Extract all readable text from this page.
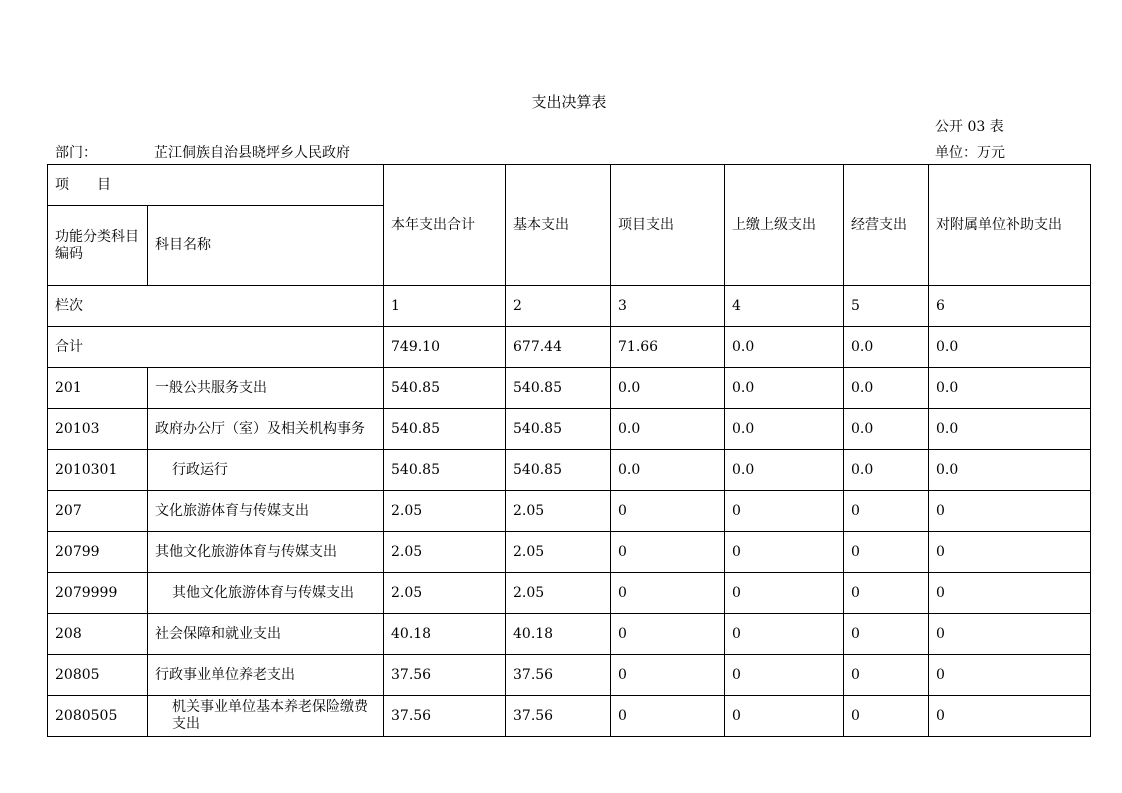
支出决算表
公开 03 表
部门：	芷江侗族自治县晓坪乡人民政府	单位：万元
项　　目		本年支出合计	基本支出	项目支出	上缴上级支出	经营支出	对附属单位补助支出
功能分类科目编码	科目名称						
栏次		1	2	3	4	5	6
合计		749.10	677.44	71.66	0.0	0.0	0.0
201	一般公共服务支出	540.85	540.85	0.0	0.0	0.0	0.0
20103	政府办公厅（室）及相关机构事务	540.85	540.85	0.0	0.0	0.0	0.0
2010301	行政运行	540.85	540.85	0.0	0.0	0.0	0.0
207	文化旅游体育与传媒支出	2.05	2.05	0	0	0	0
20799	其他文化旅游体育与传媒支出	2.05	2.05	0	0	0	0
2079999	其他文化旅游体育与传媒支出	2.05	2.05	0	0	0	0
208	社会保障和就业支出	40.18	40.18	0	0	0	0
20805	行政事业单位养老支出	37.56	37.56	0	0	0	0
2080505	机关事业单位基本养老保险缴费支出	37.56	37.56	0	0	0	0
